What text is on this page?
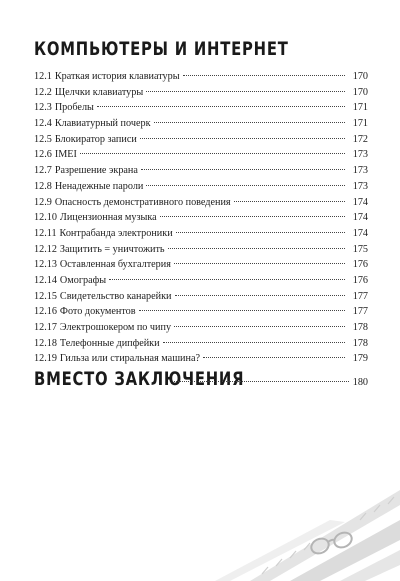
КОМПЬЮТЕРЫ И ИНТЕРНЕТ
12.1 Краткая история клавиатуры	170
12.2 Щелчки клавиатуры	170
12.3 Пробелы	171
12.4 Клавиатурный почерк	171
12.5 Блокиратор записи	172
12.6 IMEI	173
12.7 Разрешение экрана	173
12.8 Ненадежные пароли	173
12.9 Опасность демонстративного поведения	174
12.10 Лицензионная музыка	174
12.11 Контрабанда электроники	174
12.12 Защитить = уничтожить	175
12.13 Оставленная бухгалтерия	176
12.14 Омографы	176
12.15 Свидетельство канарейки	177
12.16 Фото документов	177
12.17 Электрошокером по чипу	178
12.18 Телефонные дипфейки	178
12.19 Гильза или стиральная машина?	179
ВМЕСТО ЗАКЛЮЧЕНИЯ	180
